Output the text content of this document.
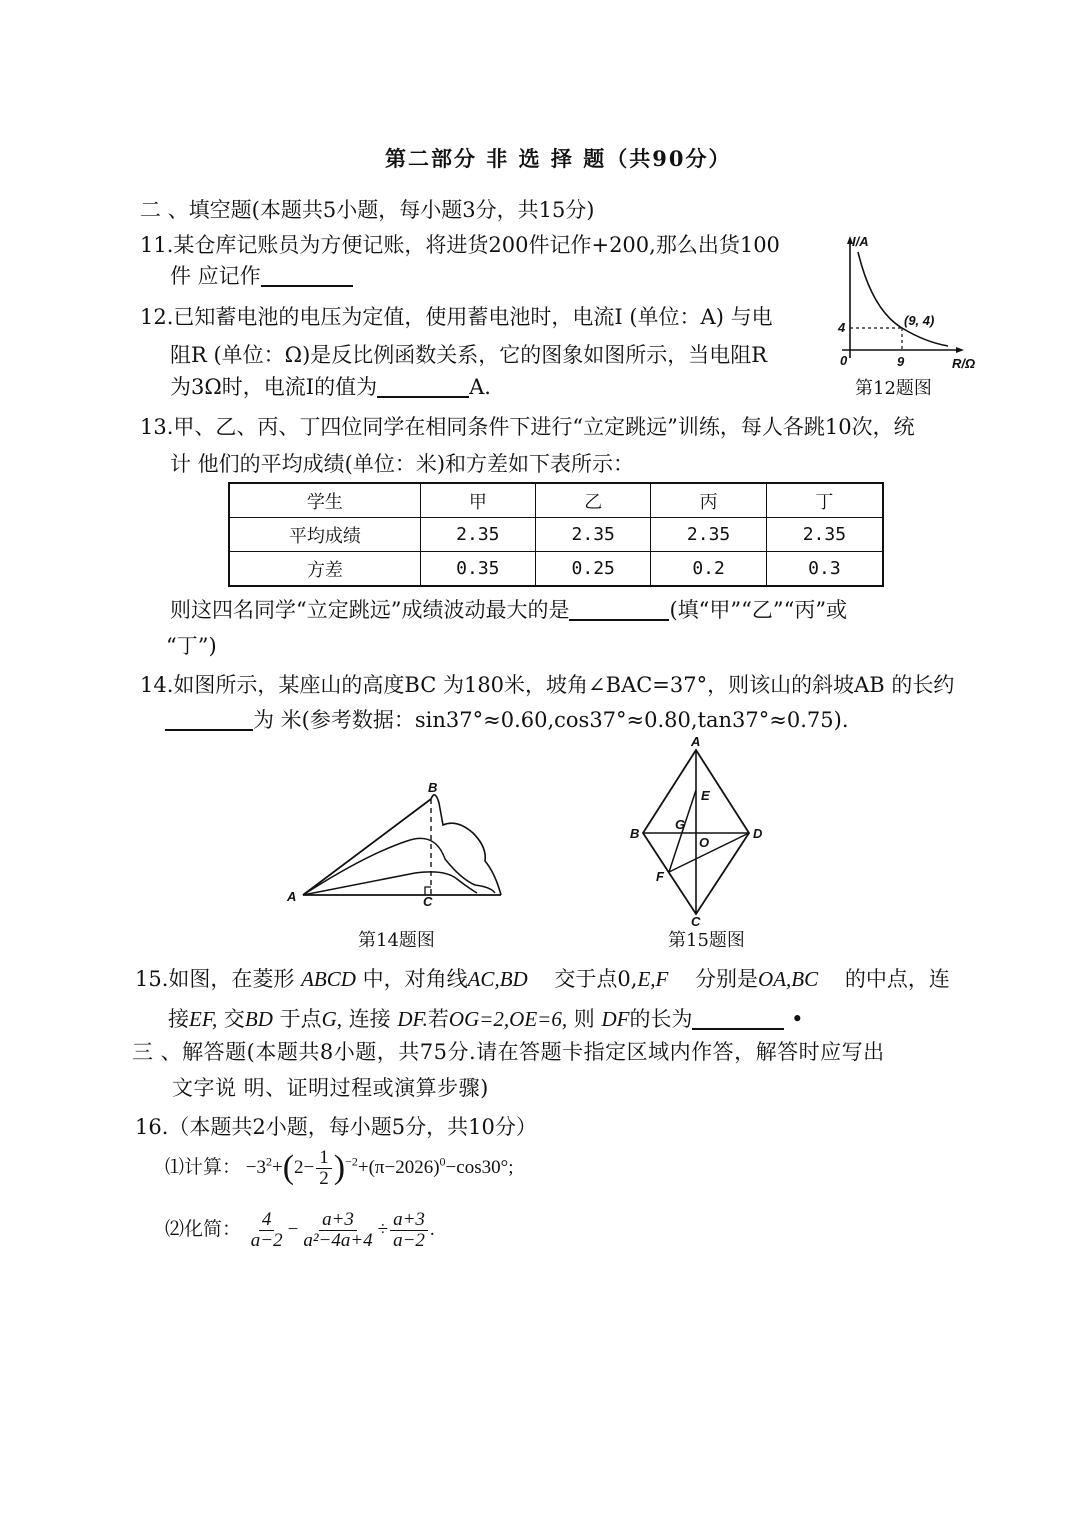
第二部分 非 选 择 题（共90分）
二 、填空题(本题共5小题，每小题3分，共15分)
11.某仓库记账员为方便记账，将进货200件记作+200,那么出货100
件 应记作
12.已知蓄电池的电压为定值，使用蓄电池时，电流I (单位：A) 与电
阻R (单位：Ω)是反比例函数关系，它的图象如图所示，当电阻R
为3Ω时，电流I的值为	A.
I/A
R/Ω
0
4
9
(9, 4)
第12题图
13.甲、乙、丙、丁四位同学在相同条件下进行“立定跳远”训练，每人各跳10次，统
计 他们的平均成绩(单位：米)和方差如下表所示：
学生	甲	乙	丙	丁
平均成绩	2.35	2.35	2.35	2.35
方差	0.35	0.25	0.2	0.3
则这四名同学“立定跳远”成绩波动最大的是	(填“甲”“乙”“丙”或
“丁”)
14.如图所示，某座山的高度BC 为180米，坡角∠BAC=37°，则该山的斜坡AB 的长约
为 米(参考数据：sin37°≈0.60,cos37°≈0.80,tan37°≈0.75).
A
B
C
第14题图
A
B
C
D
E
F
G
O
第15题图
15.如图，在菱形 ABCD 中，对角线AC,BD 交于点0,E,F 分别是OA,BC 的中点，连
接EF, 交BD 于点G, 连接 DF.若OG=2,OE=6, 则 DF的长为	•
三 、解答题(本题共8小题，共75分.请在答题卡指定区域内作答，解答时应写出
文字说 明、证明过程或演算步骤)
16.（本题共2小题，每小题5分，共10分）
⑴计算： $-3^2+(2- \frac{1}{2} )^{-2}+(\pi-2026)^0-\cos 30^\circ$;
⑵化简： $\frac{4}{a-2} - \frac{a+3}{\text{a²−4a+4}} \div \frac{a+3}{a-2}$ .
